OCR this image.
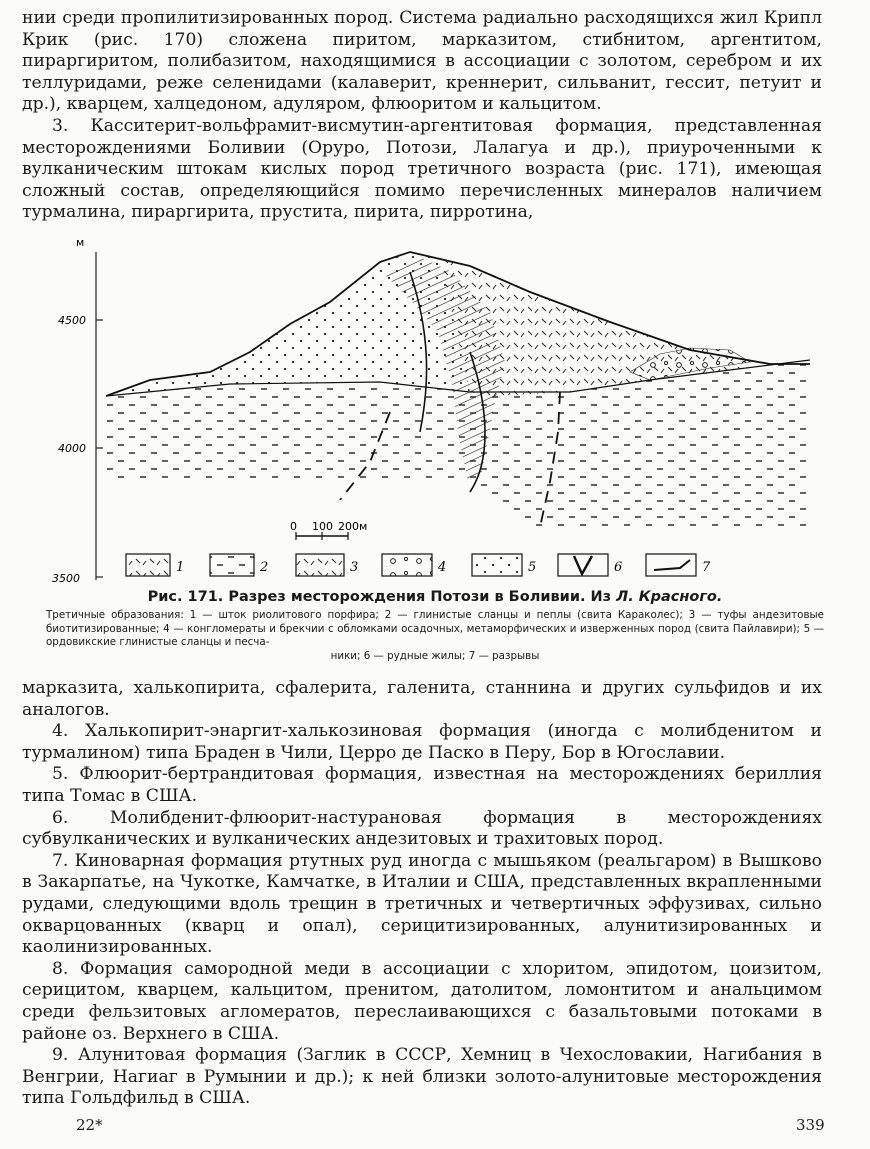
нии среди пропилитизированных пород. Система радиально расходящихся жил Крипл Крик (рис. 170) сложена пиритом, марказитом, стибнитом, аргентитом, пираргиритом, полибазитом, находящимися в ассоциации с золотом, серебром и их теллуридами, реже селенидами (калаверит, креннерит, сильванит, гессит, петуит и др.), кварцем, халцедоном, адуляром, флюоритом и кальцитом.

3. Касситерит-вольфрамит-висмутин-аргентитовая формация, представленная месторождениями Боливии (Оруро, Потози, Лалагуа и др.), приуроченными к вулканическим штокам кислых пород третичного возраста (рис. 171), имеющая сложный состав, определяющийся помимо перечисленных минералов наличием турмалина, пираргирита, прустита, пирита, пирротина,

м
4500
4000
3500
0 100 200м
1	2	3	4	5	6	7
Рис. 171. Разрез месторождения Потози в Боливии. Из Л. Красного.
Третичные образования: 1 — шток риолитового порфира; 2 — глинистые сланцы и пеплы (свита Караколес); 3 — туфы андезитовые биотитизированные; 4 — конгломераты и брекчии с обломками осадочных, метаморфических и изверженных пород (свита Пайлавири); 5 — ордовикские глинистые сланцы и песча-
ники; 6 — рудные жилы; 7 — разрывы

марказита, халькопирита, сфалерита, галенита, станнина и других сульфидов и их аналогов.

4. Халькопирит-энаргит-халькозиновая формация (иногда с молибденитом и турмалином) типа Браден в Чили, Церро де Паско в Перу, Бор в Югославии.

5. Флюорит-бертрандитовая формация, известная на месторождениях бериллия типа Томас в США.

6. Молибденит-флюорит-настурановая формация в месторождениях субвулканических и вулканических андезитовых и трахитовых пород.

7. Киноварная формация ртутных руд иногда с мышьяком (реальгаром) в Вышково в Закарпатье, на Чукотке, Камчатке, в Италии и США, представленных вкрапленными рудами, следующими вдоль трещин в третичных и четвертичных эффузивах, сильно окварцованных (кварц и опал), серицитизированных, алунитизированных и каолинизированных.

8. Формация самородной меди в ассоциации с хлоритом, эпидотом, цоизитом, серицитом, кварцем, кальцитом, пренитом, датолитом, ломонтитом и анальцимом среди фельзитовых агломератов, переслаивающихся с базальтовыми потоками в районе оз. Верхнего в США.

9. Алунитовая формация (Заглик в СССР, Хемниц в Чехословакии, Нагибания в Венгрии, Нагиаг в Румынии и др.); к ней близки золото-алунитовые месторождения типа Гольдфильд в США.

22*	339
